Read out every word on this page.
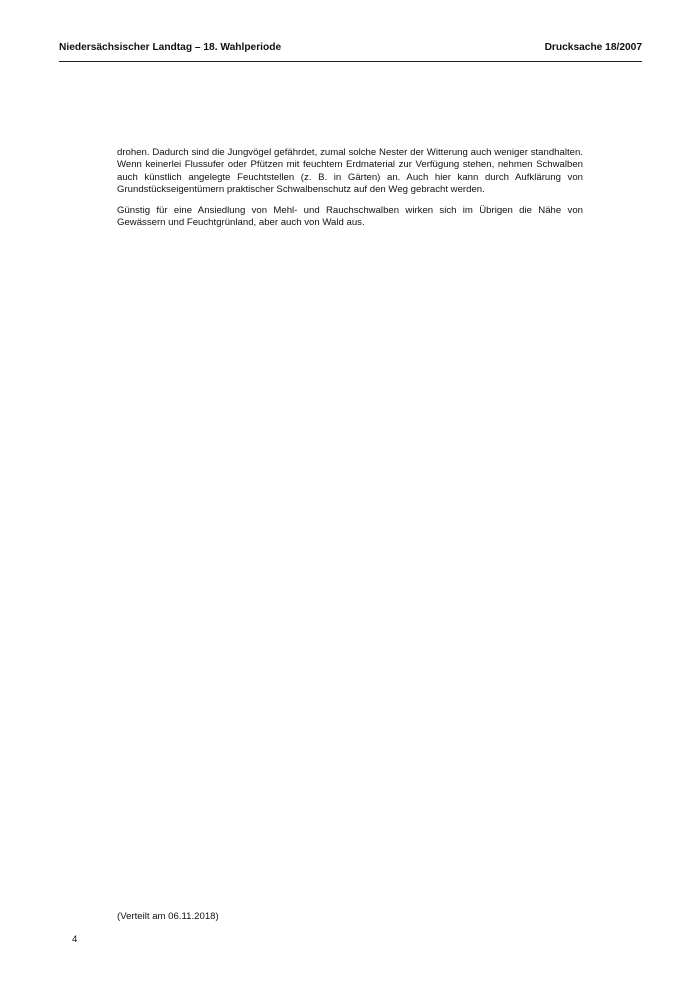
Niedersächsischer Landtag – 18. Wahlperiode	Drucksache 18/2007

drohen. Dadurch sind die Jungvögel gefährdet, zumal solche Nester der Witterung auch weniger standhalten. Wenn keinerlei Flussufer oder Pfützen mit feuchtem Erdmaterial zur Verfügung stehen, nehmen Schwalben auch künstlich angelegte Feuchtstellen (z. B. in Gärten) an. Auch hier kann durch Aufklärung von Grundstückseigentümern praktischer Schwalbenschutz auf den Weg gebracht werden.

Günstig für eine Ansiedlung von Mehl- und Rauchschwalben wirken sich im Übrigen die Nähe von Gewässern und Feuchtgrünland, aber auch von Wald aus.

(Verteilt am 06.11.2018)
4
